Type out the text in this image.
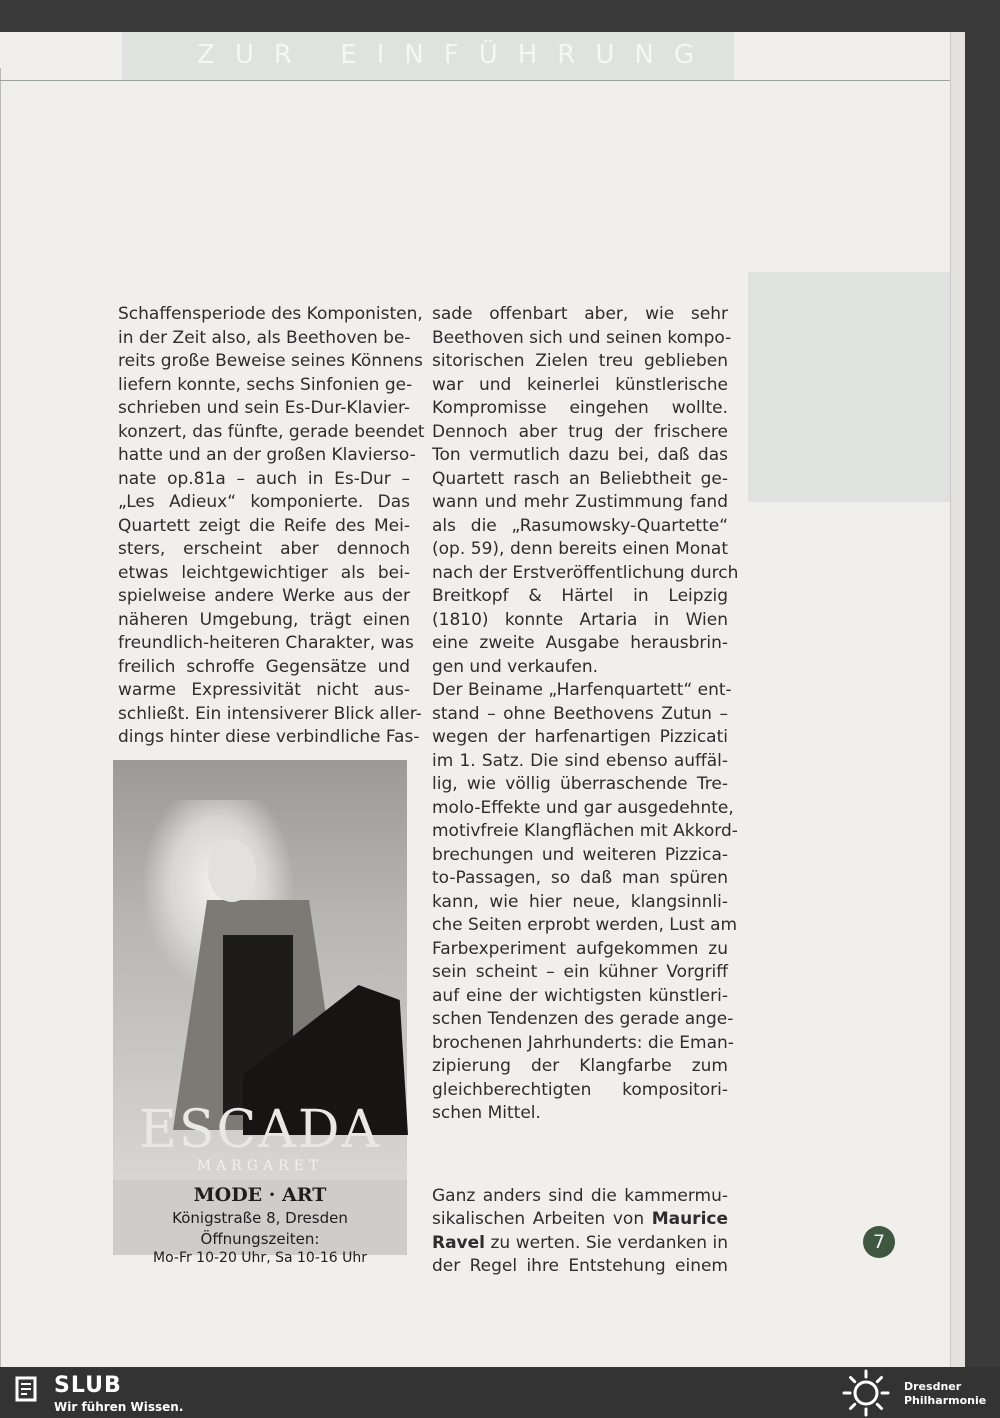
ZUR EINFÜHRUNG
Schaffensperiode des Komponisten,
in der Zeit also, als Beethoven be-
reits große Beweise seines Könnens
liefern konnte, sechs Sinfonien ge-
schrieben und sein Es-Dur-Klavier-
konzert, das fünfte, gerade beendet
hatte und an der großen Klavierso-
nate op.81a – auch in Es-Dur –
„Les Adieux“ komponierte. Das
Quartett zeigt die Reife des Mei-
sters, erscheint aber dennoch
etwas leichtgewichtiger als bei-
spielweise andere Werke aus der
näheren Umgebung, trägt einen
freundlich-heiteren Charakter, was
freilich schroffe Gegensätze und
warme Expressivität nicht aus-
schließt. Ein intensiverer Blick aller-
dings hinter diese verbindliche Fas-
sade offenbart aber, wie sehr
Beethoven sich und seinen kompo-
sitorischen Zielen treu geblieben
war und keinerlei künstlerische
Kompromisse eingehen wollte.
Dennoch aber trug der frischere
Ton vermutlich dazu bei, daß das
Quartett rasch an Beliebtheit ge-
wann und mehr Zustimmung fand
als die „Rasumowsky-Quartette“
(op. 59), denn bereits einen Monat
nach der Erstveröffentlichung durch
Breitkopf & Härtel in Leipzig
(1810) konnte Artaria in Wien
eine zweite Ausgabe herausbrin-
gen und verkaufen.
Der Beiname „Harfenquartett“ ent-
stand – ohne Beethovens Zutun –
wegen der harfenartigen Pizzicati
im 1. Satz. Die sind ebenso auffäl-
lig, wie völlig überraschende Tre-
molo-Effekte und gar ausgedehnte,
motivfreie Klangflächen mit Akkord-
brechungen und weiteren Pizzica-
to-Passagen, so daß man spüren
kann, wie hier neue, klangsinnli-
che Seiten erprobt werden, Lust am
Farbexperiment aufgekommen zu
sein scheint – ein kühner Vorgriff
auf eine der wichtigsten künstleri-
schen Tendenzen des gerade ange-
brochenen Jahrhunderts: die Eman-
zipierung der Klangfarbe zum
gleichberechtigten kompositori-
schen Mittel.
Ganz anders sind die kammermu-
sikalischen Arbeiten von Maurice
Ravel zu werten. Sie verdanken in
der Regel ihre Entstehung einem
ESCADA
MARGARET
MODE · ART
Königstraße 8, Dresden
Öffnungszeiten:
Mo-Fr 10-20 Uhr, Sa 10-16 Uhr
7
SLUB
Wir führen Wissen.
Dresdner
Philharmonie
